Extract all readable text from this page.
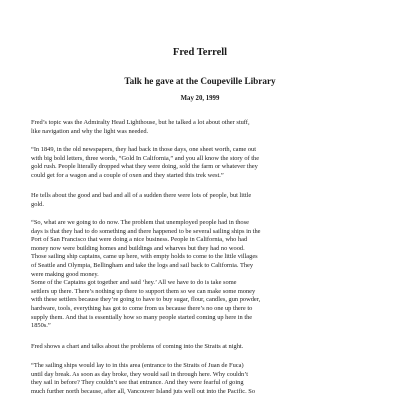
Fred Terrell
Talk he gave at the Coupeville Library
May 20, 1999

Fred’s topic was the Admiralty Head Lighthouse, but he talked a lot about other stuff,
like navigation and why the light was needed.

“In 1849, in the old newspapers, they had back in those days, one sheet worth, came out
with big bold letters, three words, “Gold In California,” and you all know the story of the
gold rush. People literally dropped what they were doing, sold the farm or whatever they
could get for a wagon and a couple of oxen and they started this trek west.”

He tells about the good and bad and all of a sudden there were lots of people, but little
gold.

“So, what are we going to do now. The problem that unemployed people had in those
days is that they had to do something and there happened to be several sailing ships in the
Port of San Francisco that were doing a nice business. People in California, who had
money now were building homes and buildings and wharves but they had no wood.
Those sailing ship captains, came up here, with empty holds to come to the little villages
of Seattle and Olympia, Bellingham and take the logs and sail back to California. They
were making good money.
Some of the Captains got together and said ‘hey.’ All we have to do is take some
settlers up there. There’s nothing up there to support them so we can make some money
with these settlers because they’re going to have to buy sugar, flour, candles, gun powder,
hardware, tools, everything has got to come from us because there’s no one up there to
supply them. And that is essentially how so many people started coming up here in the
1850s.”

Fred shows a chart and talks about the problems of coming into the Straits at night.

“The sailing ships would lay to in this area (entrance to the Straits of Juan de Fuca)
until day break. As soon as day broke, they would sail in through here. Why couldn’t
they sail in before? They couldn’t see that entrance. And they were fearful of going
much further north because, after all, Vancouver Island juts well out into the Pacific. So
